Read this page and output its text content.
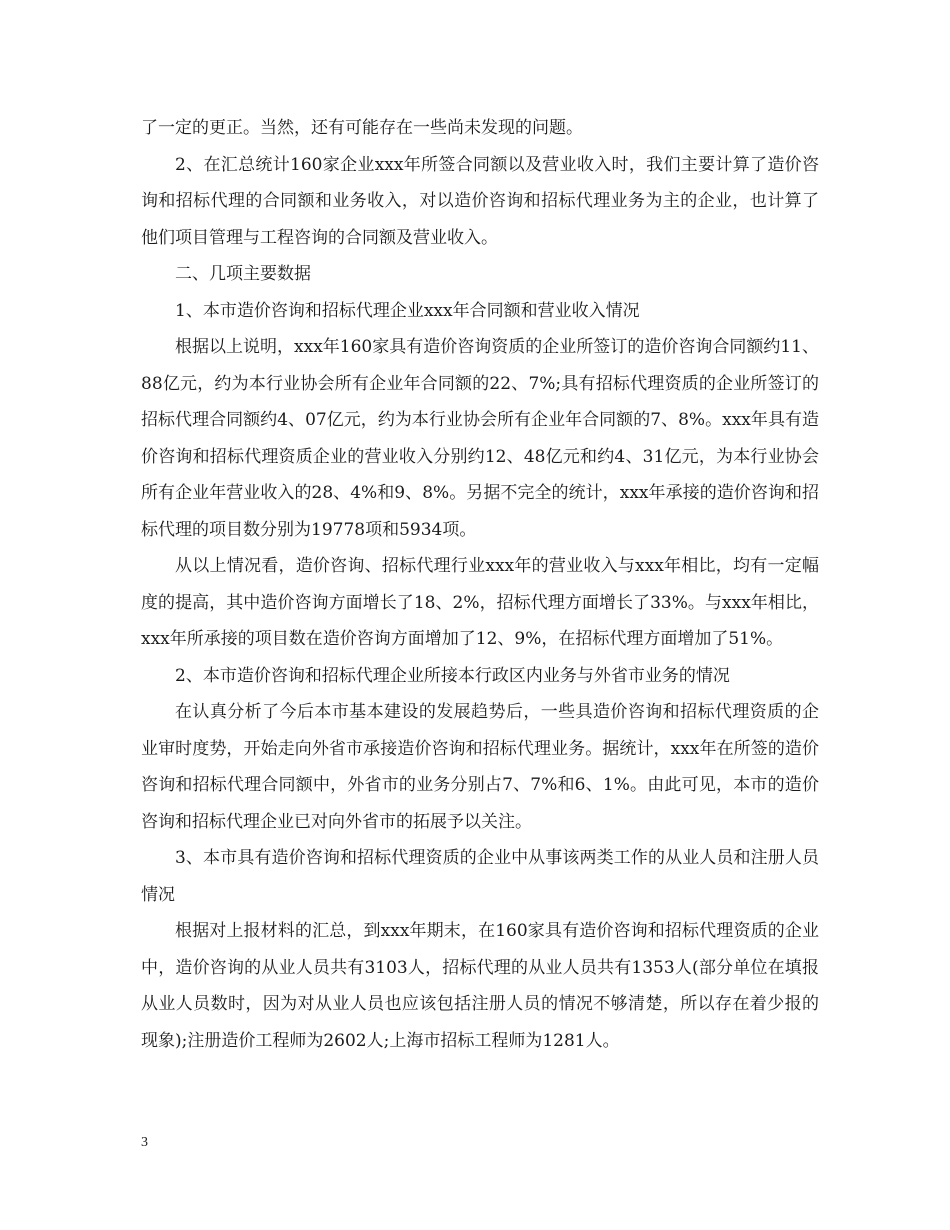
了一定的更正。当然，还有可能存在一些尚未发现的问题。

2、在汇总统计160家企业xxx年所签合同额以及营业收入时，我们主要计算了造价咨询和招标代理的合同额和业务收入，对以造价咨询和招标代理业务为主的企业，也计算了他们项目管理与工程咨询的合同额及营业收入。

二、几项主要数据

1、本市造价咨询和招标代理企业xxx年合同额和营业收入情况

根据以上说明，xxx年160家具有造价咨询资质的企业所签订的造价咨询合同额约11、88亿元，约为本行业协会所有企业年合同额的22、7%;具有招标代理资质的企业所签订的招标代理合同额约4、07亿元，约为本行业协会所有企业年合同额的7、8%。xxx年具有造价咨询和招标代理资质企业的营业收入分别约12、48亿元和约4、31亿元，为本行业协会所有企业年营业收入的28、4%和9、8%。另据不完全的统计，xxx年承接的造价咨询和招标代理的项目数分别为19778项和5934项。

从以上情况看，造价咨询、招标代理行业xxx年的营业收入与xxx年相比，均有一定幅度的提高，其中造价咨询方面增长了18、2%，招标代理方面增长了33%。与xxx年相比，xxx年所承接的项目数在造价咨询方面增加了12、9%，在招标代理方面增加了51%。

2、本市造价咨询和招标代理企业所接本行政区内业务与外省市业务的情况

在认真分析了今后本市基本建设的发展趋势后，一些具造价咨询和招标代理资质的企业审时度势，开始走向外省市承接造价咨询和招标代理业务。据统计，xxx年在所签的造价咨询和招标代理合同额中，外省市的业务分别占7、7%和6、1%。由此可见，本市的造价咨询和招标代理企业已对向外省市的拓展予以关注。

3、本市具有造价咨询和招标代理资质的企业中从事该两类工作的从业人员和注册人员情况

根据对上报材料的汇总，到xxx年期末，在160家具有造价咨询和招标代理资质的企业中，造价咨询的从业人员共有3103人，招标代理的从业人员共有1353人(部分单位在填报从业人员数时，因为对从业人员也应该包括注册人员的情况不够清楚，所以存在着少报的现象);注册造价工程师为2602人;上海市招标工程师为1281人。

3
